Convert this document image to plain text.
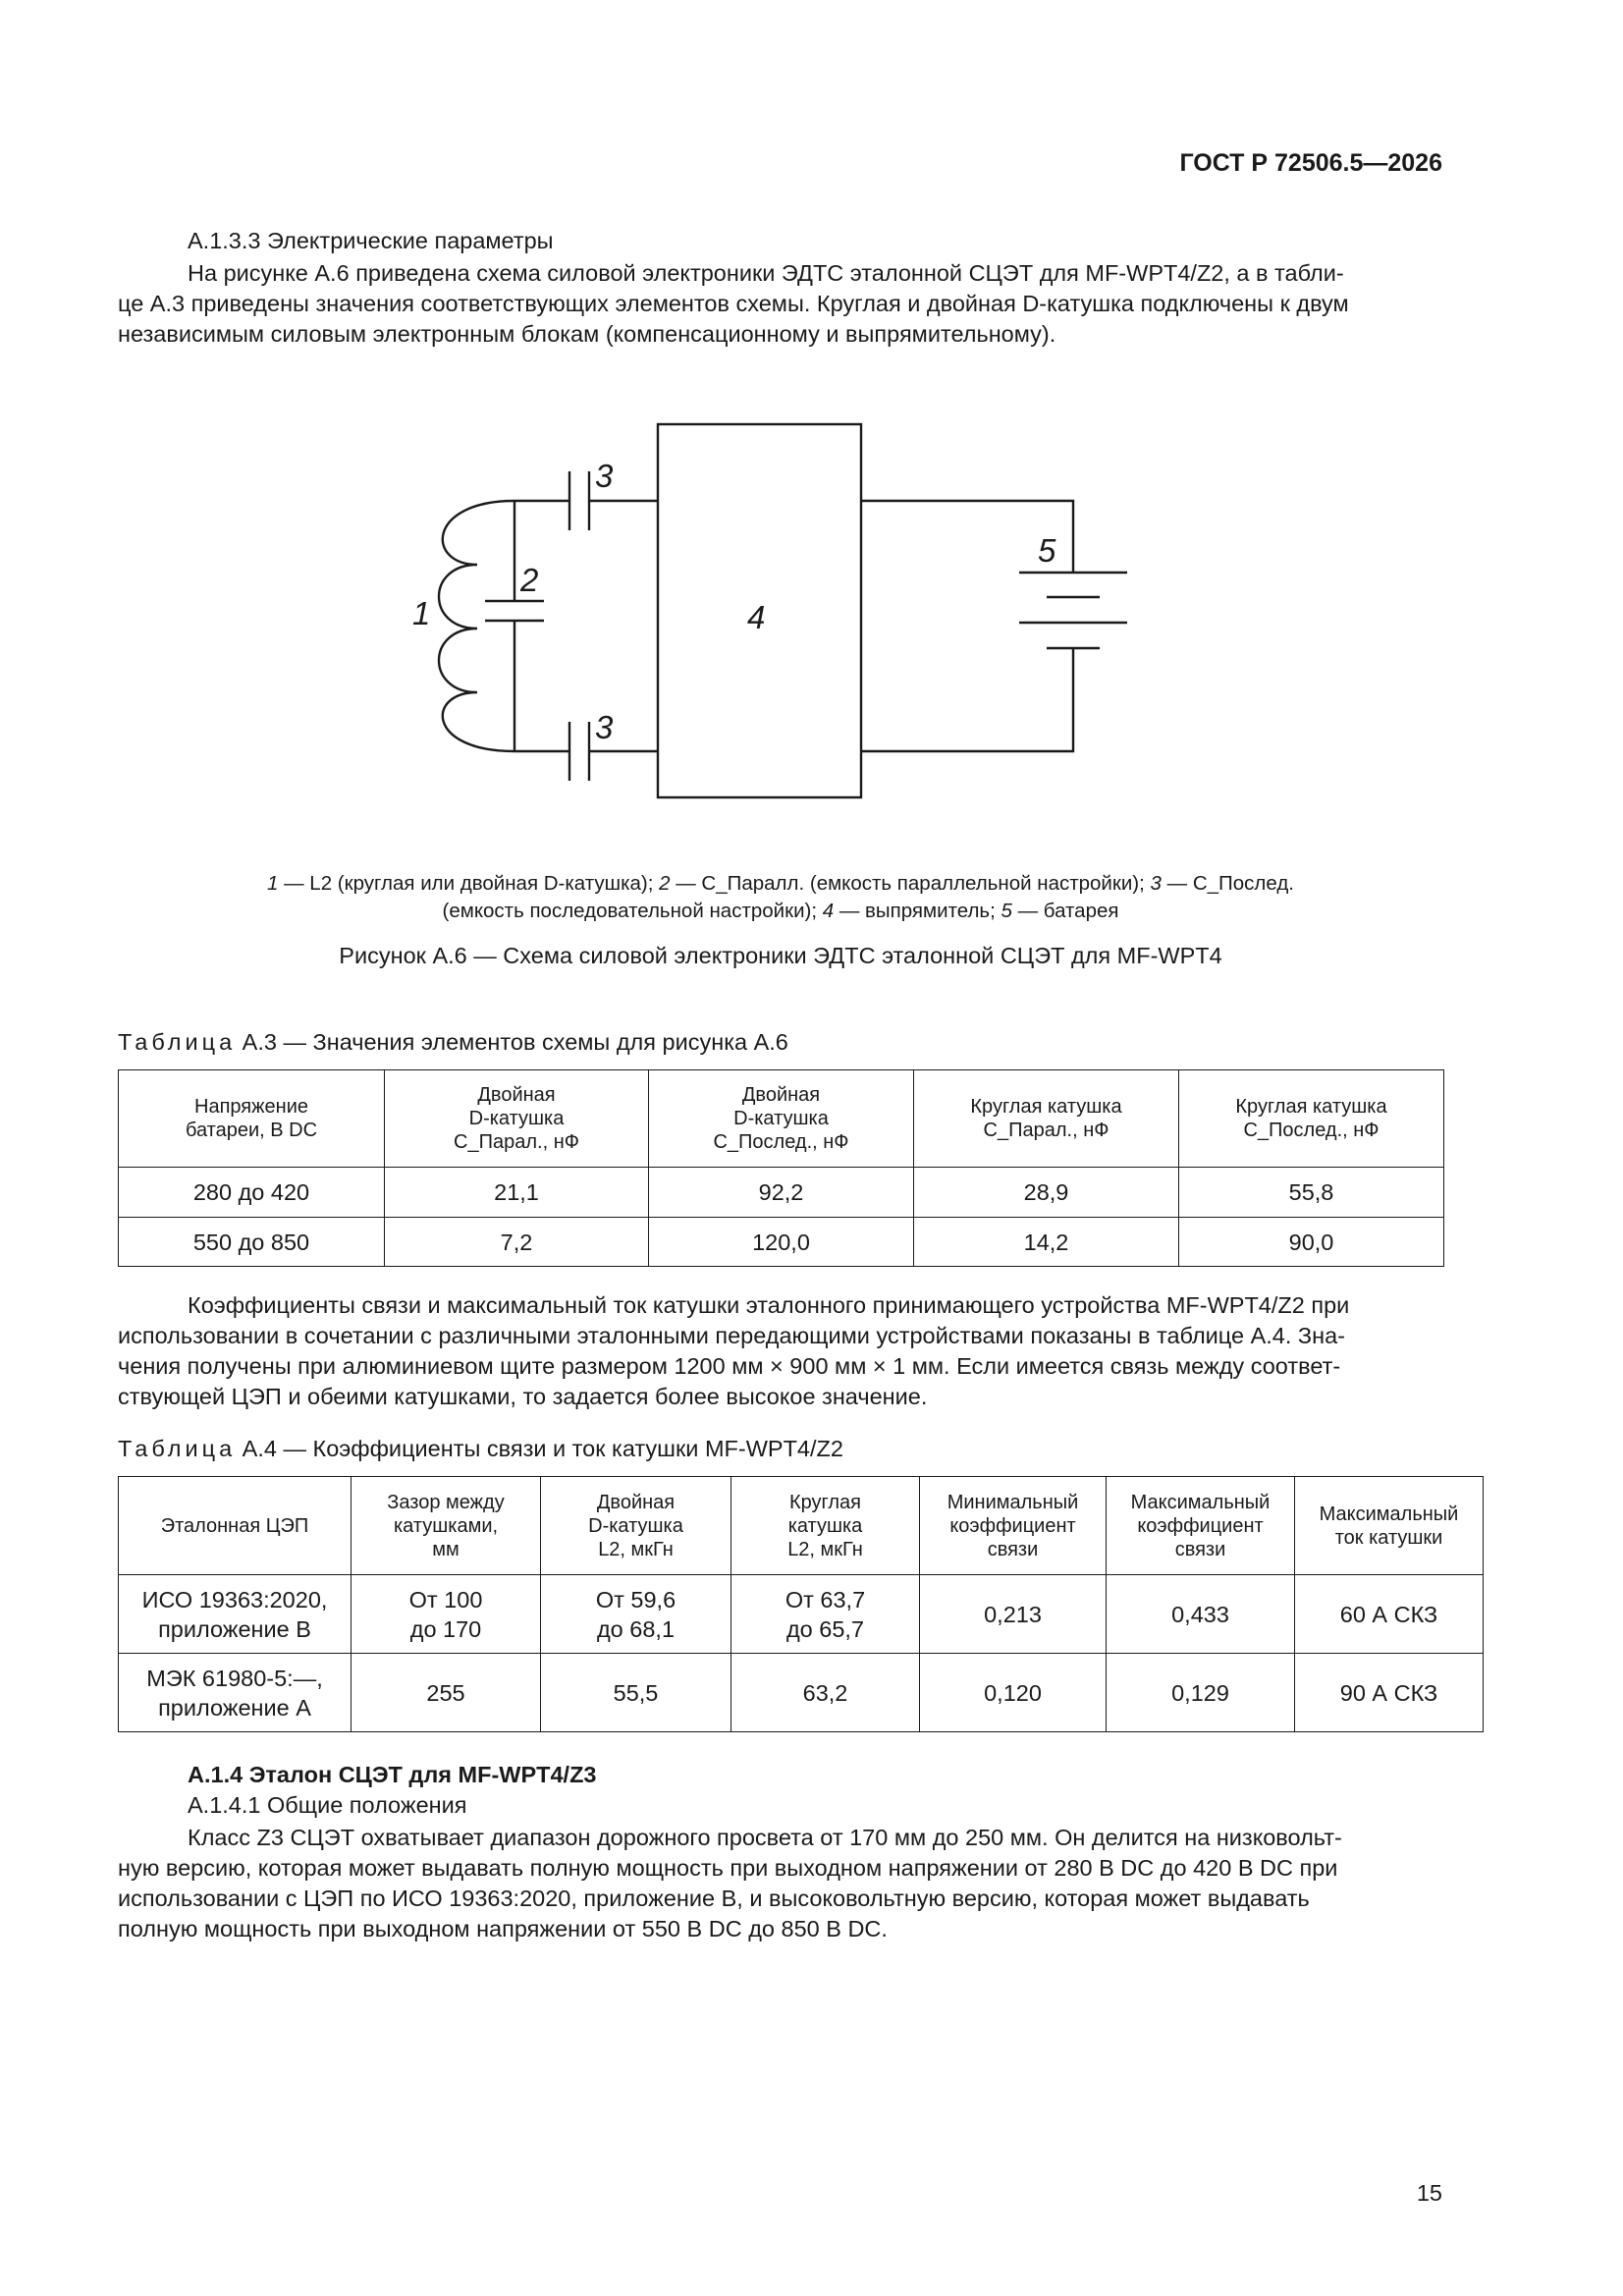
ГОСТ Р 72506.5—2026
А.1.3.3 Электрические параметры
На рисунке А.6 приведена схема силовой электроники ЭДТС эталонной СЦЭТ для MF-WPT4/Z2, а в табли-
це А.3 приведены значения соответствующих элементов схемы. Круглая и двойная D-катушка подключены к двум
независимым силовым электронным блокам (компенсационному и выпрямительному).
1
2
3
3
4
5
1 — L2 (круглая или двойная D-катушка); 2 — C_Паралл. (емкость параллельной настройки); 3 — C_Послед.
(емкость последовательной настройки); 4 — выпрямитель; 5 — батарея
Рисунок А.6 — Схема силовой электроники ЭДТС эталонной СЦЭТ для MF-WPT4
Таблица А.3 — Значения элементов схемы для рисунка А.6
Напряжение
батареи, В DC	Двойная
D-катушка
C_Парал., нФ	Двойная
D-катушка
C_Послед., нФ	Круглая катушка
C_Парал., нФ	Круглая катушка
C_Послед., нФ

280 до 420	21,1	92,2	28,9	55,8
550 до 850	7,2	120,0	14,2	90,0
Коэффициенты связи и максимальный ток катушки эталонного принимающего устройства MF-WPT4/Z2 при
использовании в сочетании с различными эталонными передающими устройствами показаны в таблице А.4. Зна-
чения получены при алюминиевом щите размером 1200 мм × 900 мм × 1 мм. Если имеется связь между соответ-
ствующей ЦЭП и обеими катушками, то задается более высокое значение.
Таблица А.4 — Коэффициенты связи и ток катушки MF-WPT4/Z2
Эталонная ЦЭП	Зазор между
катушками,
мм	Двойная
D-катушка
L2, мкГн	Круглая
катушка
L2, мкГн	Минимальный
коэффициент
связи	Максимальный
коэффициент
связи	Максимальный
ток катушки

ИСО 19363:2020,
приложение В	От 100
до 170	От 59,6
до 68,1	От 63,7
до 65,7	0,213	0,433	60 А СКЗ

МЭК 61980-5:—,
приложение А	255	55,5	63,2	0,120	0,129	90 А СКЗ
А.1.4 Эталон СЦЭТ для MF-WPT4/Z3
А.1.4.1 Общие положения
Класс Z3 СЦЭТ охватывает диапазон дорожного просвета от 170 мм до 250 мм. Он делится на низковольт-
ную версию, которая может выдавать полную мощность при выходном напряжении от 280 В DC до 420 В DC при
использовании с ЦЭП по ИСО 19363:2020, приложение В, и высоковольтную версию, которая может выдавать
полную мощность при выходном напряжении от 550 В DC до 850 В DC.
15
